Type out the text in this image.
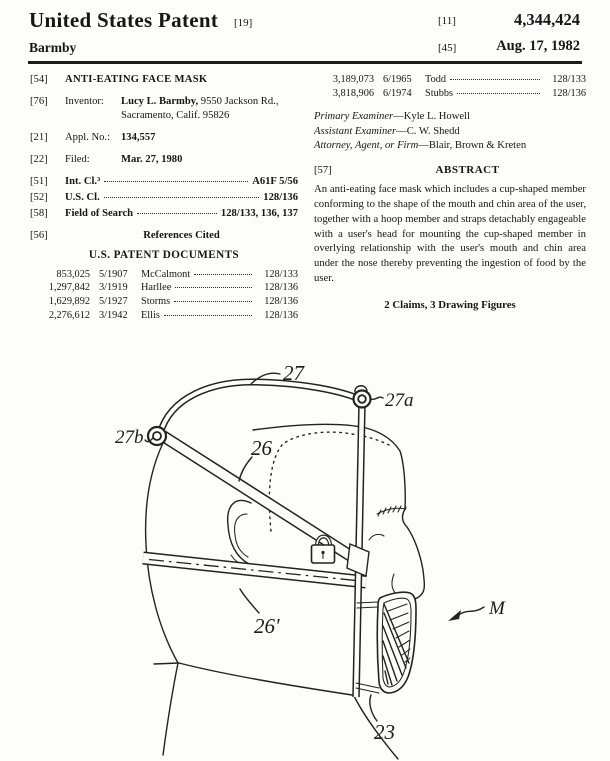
United States Patent [19]	[11]	4,344,424
Barmby	[45]	Aug. 17, 1982
[54]	ANTI-EATING FACE MASK
[76]	Inventor:	Lucy L. Barmby, 9550 Jackson Rd.,
Sacramento, Calif. 95826
[21]	Appl. No.:	134,557
[22]	Filed:	Mar. 27, 1980
[51]	Int. Cl.³	A61F 5/56
[52]	U.S. Cl.	128/136
[58]	Field of Search	128/133, 136, 137
[56]	References Cited
U.S. PATENT DOCUMENTS
853,025 5/1907	McCalmont	128/133
1,297,842 3/1919	Harllee	128/136
1,629,892 5/1927	Storms	128/136
2,276,612 3/1942	Ellis	128/136
3,189,073 6/1965	Todd	128/133
3,818,906 6/1974	Stubbs	128/136
Primary Examiner—Kyle L. Howell
Assistant Examiner—C. W. Shedd
Attorney, Agent, or Firm—Blair, Brown & Kreten
[57]	ABSTRACT
An anti-eating face mask which includes a cup-shaped member conforming to the shape of the mouth and chin area of the user, together with a hoop member and straps detachably engageable with a user's head for mounting the cup-shaped member in overlying relationship with the user's mouth and chin area under the nose thereby preventing the ingestion of food by the user.
2 Claims, 3 Drawing Figures
27
27a
27b	26
26'
23
M
